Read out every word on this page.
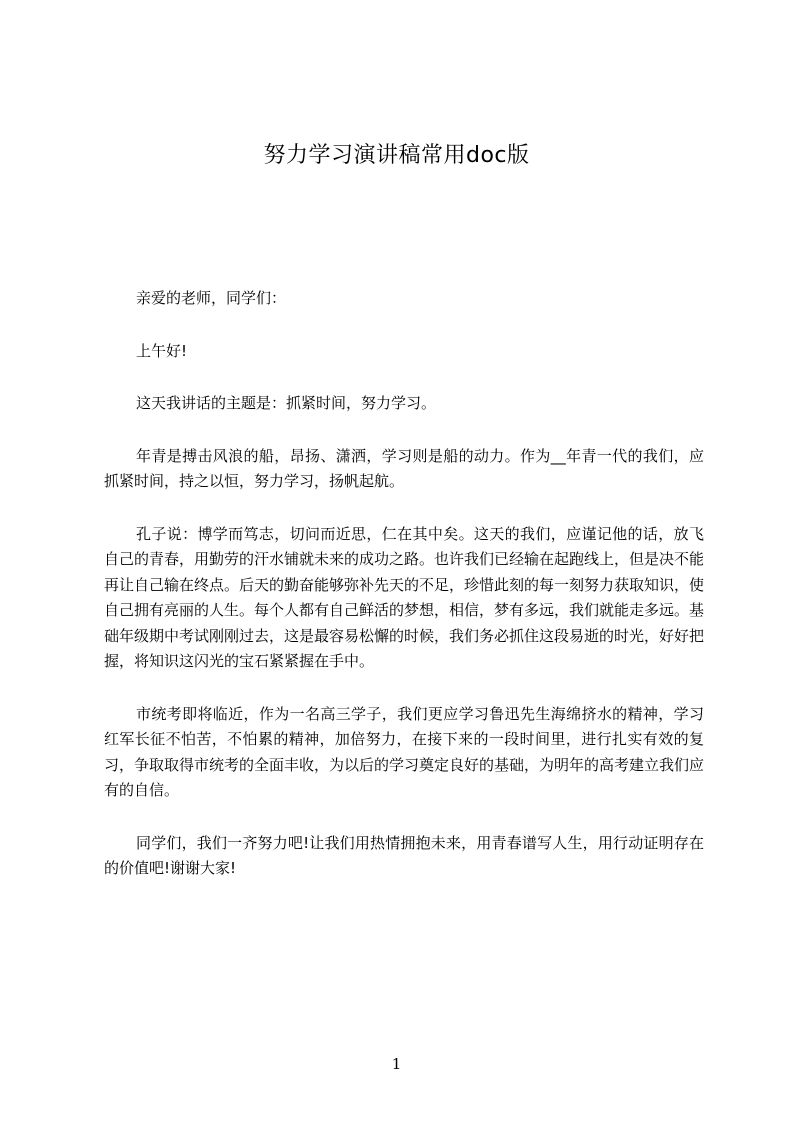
努力学习演讲稿常用doc版

亲爱的老师，同学们：

上午好!

这天我讲话的主题是：抓紧时间，努力学习。

年青是搏击风浪的船，昂扬、潇洒，学习则是船的动力。作为__年青一代的我们，应抓紧时间，持之以恒，努力学习，扬帆起航。

孔子说：博学而笃志，切问而近思，仁在其中矣。这天的我们，应谨记他的话，放飞自己的青春，用勤劳的汗水铺就未来的成功之路。也许我们已经输在起跑线上，但是决不能再让自己输在终点。后天的勤奋能够弥补先天的不足，珍惜此刻的每一刻努力获取知识，使自己拥有亮丽的人生。每个人都有自己鲜活的梦想，相信，梦有多远，我们就能走多远。基础年级期中考试刚刚过去，这是最容易松懈的时候，我们务必抓住这段易逝的时光，好好把握，将知识这闪光的宝石紧紧握在手中。

市统考即将临近，作为一名高三学子，我们更应学习鲁迅先生海绵挤水的精神，学习红军长征不怕苦，不怕累的精神，加倍努力，在接下来的一段时间里，进行扎实有效的复习，争取取得市统考的全面丰收，为以后的学习奠定良好的基础，为明年的高考建立我们应有的自信。

同学们，我们一齐努力吧!让我们用热情拥抱未来，用青春谱写人生，用行动证明存在的价值吧!谢谢大家!

1
